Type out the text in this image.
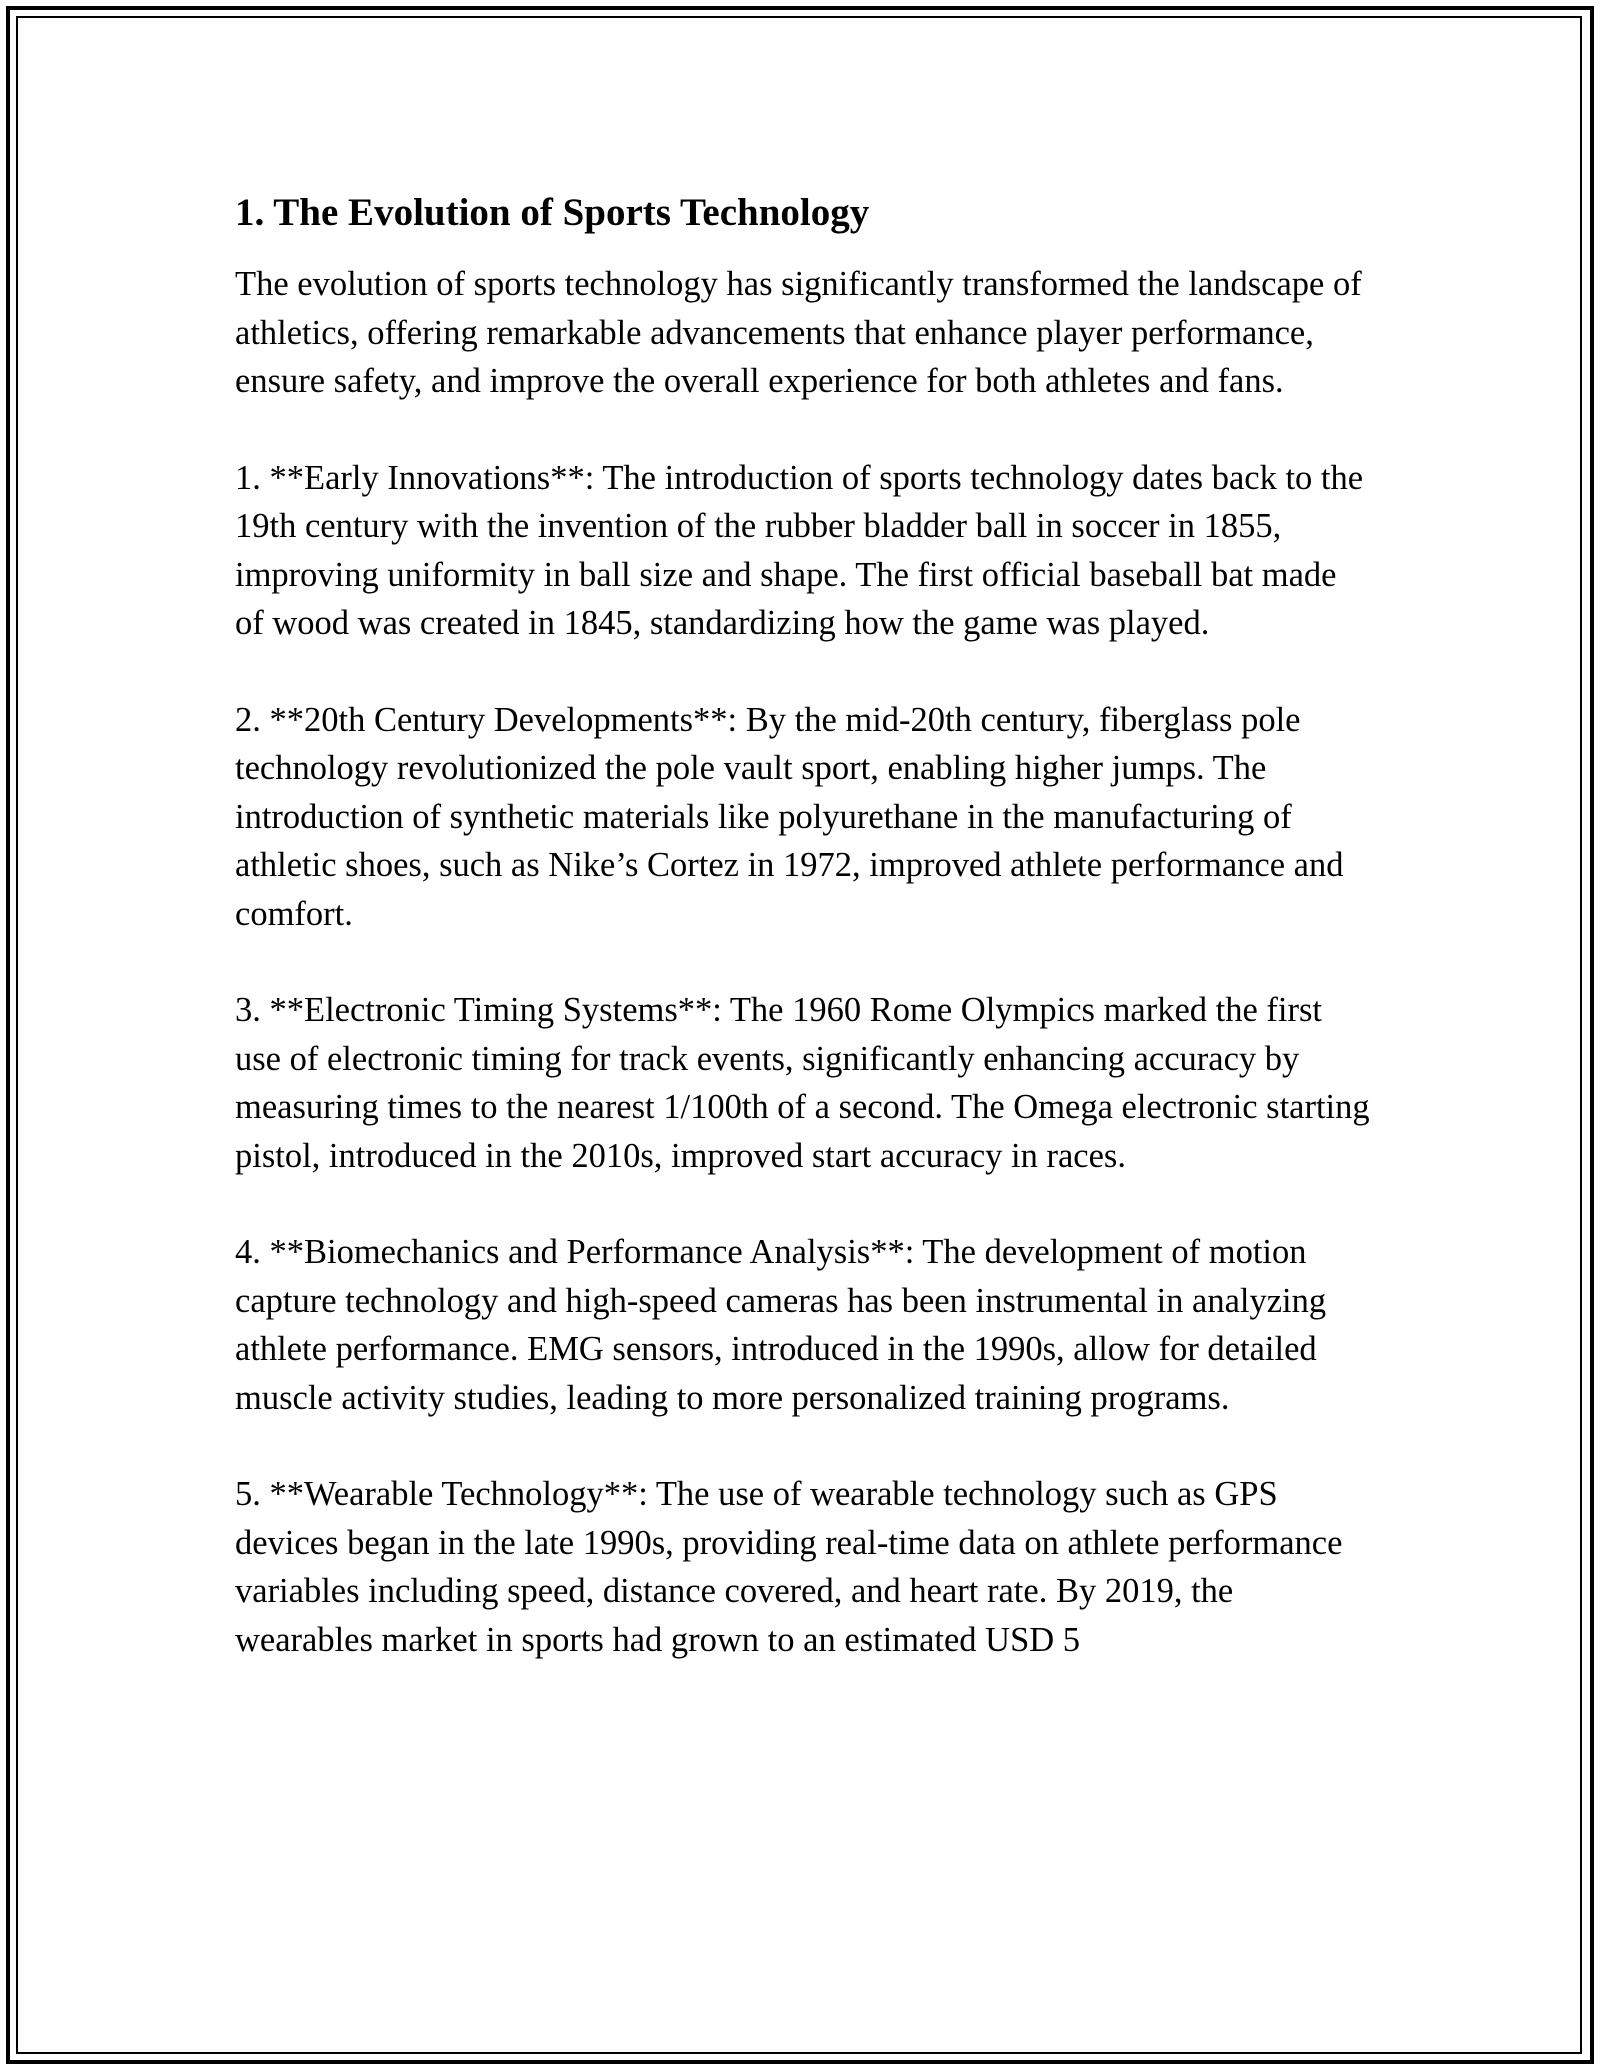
1. The Evolution of Sports Technology

The evolution of sports technology has significantly transformed the landscape of athletics, offering remarkable advancements that enhance player performance, ensure safety, and improve the overall experience for both athletes and fans.

1. **Early Innovations**: The introduction of sports technology dates back to the 19th century with the invention of the rubber bladder ball in soccer in 1855, improving uniformity in ball size and shape. The first official baseball bat made of wood was created in 1845, standardizing how the game was played.

2. **20th Century Developments**: By the mid-20th century, fiberglass pole technology revolutionized the pole vault sport, enabling higher jumps. The introduction of synthetic materials like polyurethane in the manufacturing of athletic shoes, such as Nike’s Cortez in 1972, improved athlete performance and comfort.

3. **Electronic Timing Systems**: The 1960 Rome Olympics marked the first use of electronic timing for track events, significantly enhancing accuracy by measuring times to the nearest 1/100th of a second. The Omega electronic starting pistol, introduced in the 2010s, improved start accuracy in races.

4. **Biomechanics and Performance Analysis**: The development of motion capture technology and high-speed cameras has been instrumental in analyzing athlete performance. EMG sensors, introduced in the 1990s, allow for detailed muscle activity studies, leading to more personalized training programs.

5. **Wearable Technology**: The use of wearable technology such as GPS devices began in the late 1990s, providing real-time data on athlete performance variables including speed, distance covered, and heart rate. By 2019, the wearables market in sports had grown to an estimated USD 5
